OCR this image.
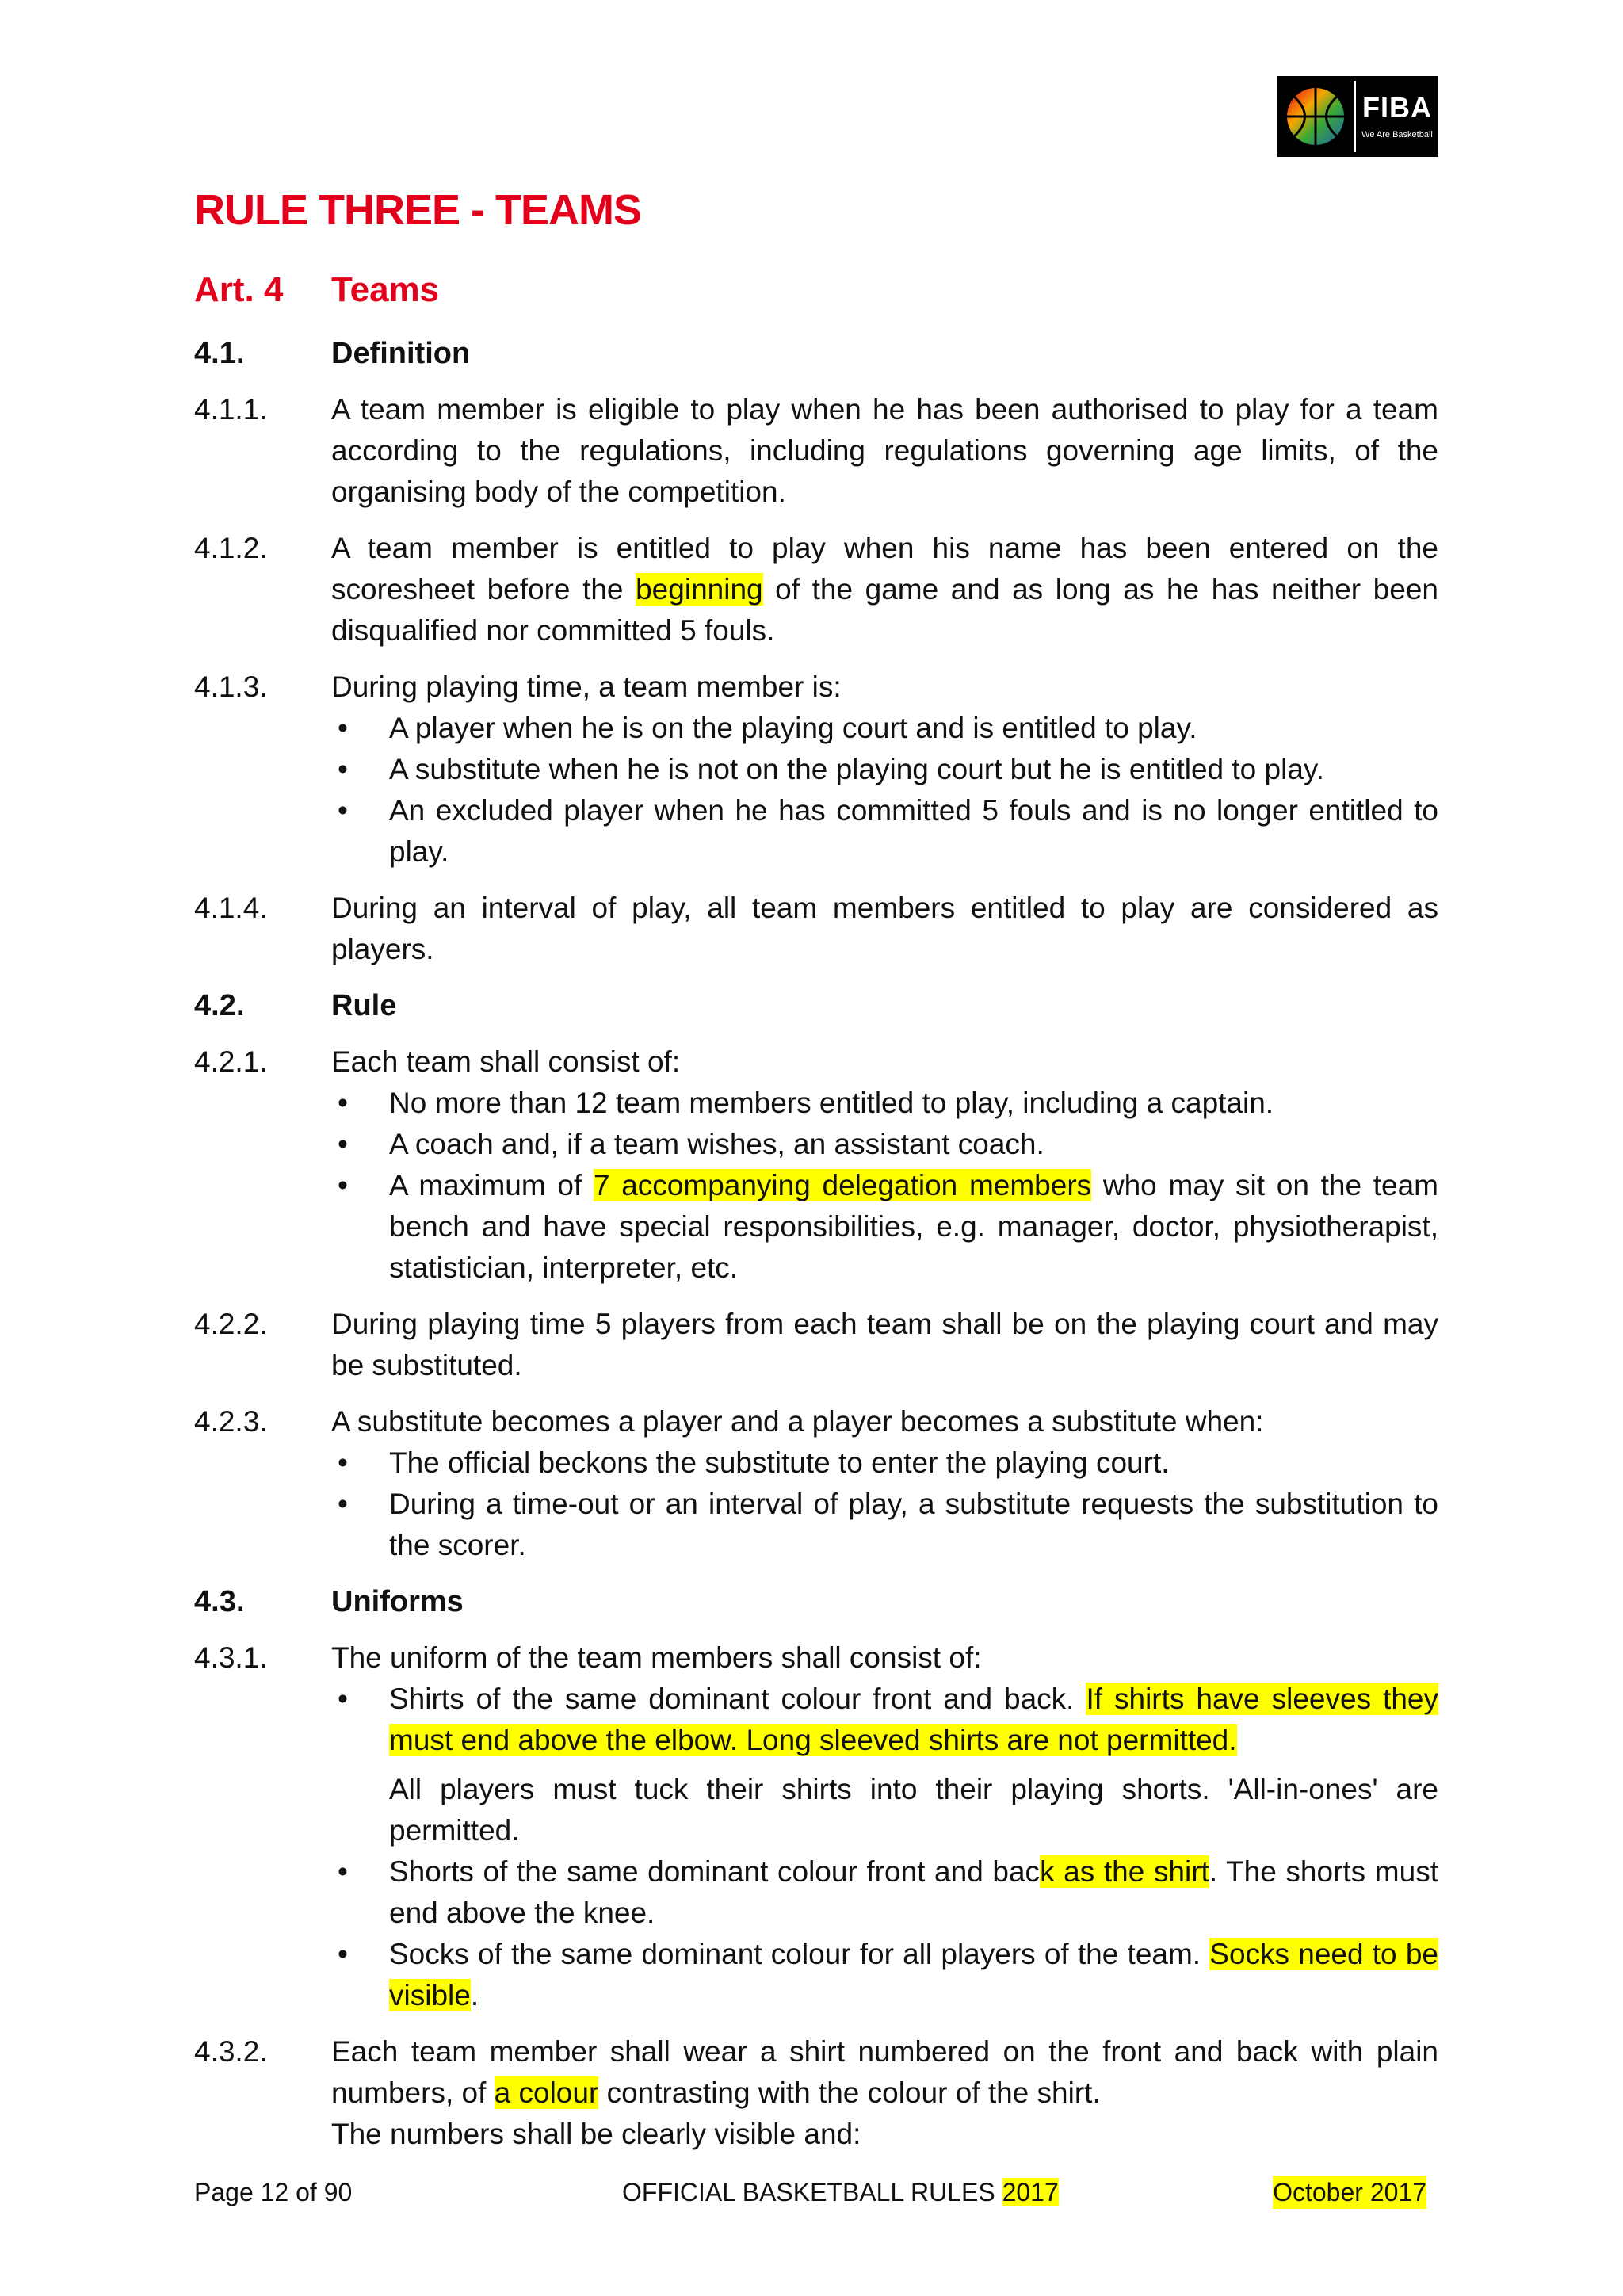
FIBA
We Are Basketball
RULE THREE - TEAMS
Art. 4 Teams
4.1.	Definition
4.1.1.	A team member is eligible to play when he has been authorised to play for a team according to the regulations, including regulations governing age limits, of the organising body of the competition.
4.1.2.	A team member is entitled to play when his name has been entered on the scoresheet before the beginning of the game and as long as he has neither been disqualified nor committed 5 fouls.
4.1.3.	During playing time, a team member is:
• A player when he is on the playing court and is entitled to play.
• A substitute when he is not on the playing court but he is entitled to play.
• An excluded player when he has committed 5 fouls and is no longer entitled to play.
4.1.4.	During an interval of play, all team members entitled to play are considered as players.
4.2.	Rule
4.2.1.	Each team shall consist of:
• No more than 12 team members entitled to play, including a captain.
• A coach and, if a team wishes, an assistant coach.
• A maximum of 7 accompanying delegation members who may sit on the team bench and have special responsibilities, e.g. manager, doctor, physiotherapist, statistician, interpreter, etc.
4.2.2.	During playing time 5 players from each team shall be on the playing court and may be substituted.
4.2.3.	A substitute becomes a player and a player becomes a substitute when:
• The official beckons the substitute to enter the playing court.
• During a time-out or an interval of play, a substitute requests the substitution to the scorer.
4.3.	Uniforms
4.3.1.	The uniform of the team members shall consist of:
• Shirts of the same dominant colour front and back. If shirts have sleeves they must end above the elbow. Long sleeved shirts are not permitted.
All players must tuck their shirts into their playing shorts. 'All-in-ones' are permitted.
• Shorts of the same dominant colour front and back as the shirt. The shorts must end above the knee.
• Socks of the same dominant colour for all players of the team. Socks need to be visible.
4.3.2.	Each team member shall wear a shirt numbered on the front and back with plain numbers, of a colour contrasting with the colour of the shirt.
The numbers shall be clearly visible and:
Page 12 of 90	OFFICIAL BASKETBALL RULES 2017	October 2017
